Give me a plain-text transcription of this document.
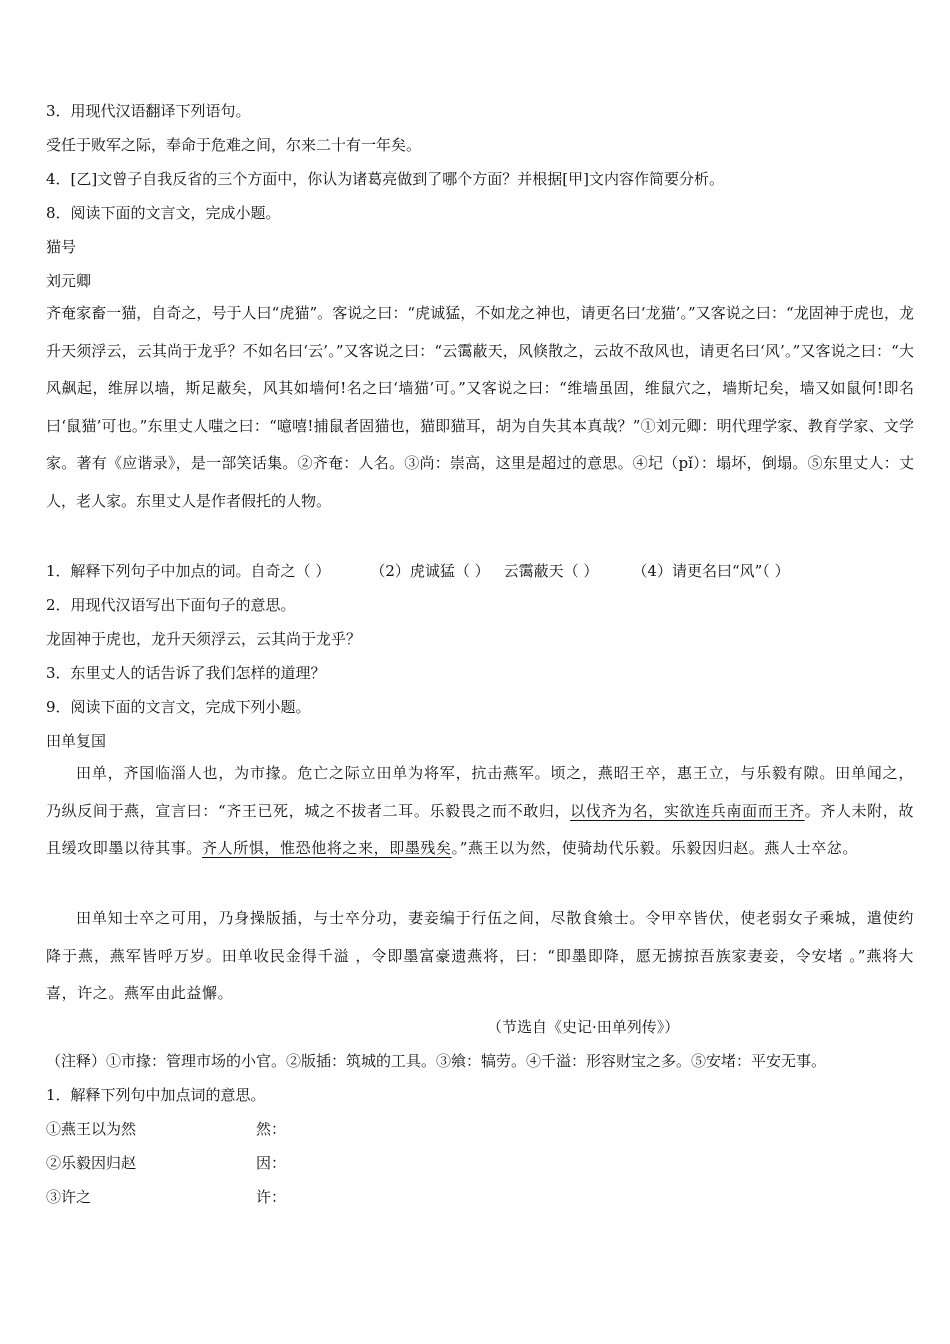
3．用现代汉语翻译下列语句。
受任于败军之际，奉命于危难之间，尔来二十有一年矣。
4．[乙]文曾子自我反省的三个方面中，你认为诸葛亮做到了哪个方面？并根据[甲]文内容作简要分析。
8．阅读下面的文言文，完成小题。
猫号
刘元卿
齐奄家畜一猫，自奇之，号于人曰“虎猫”。客说之曰：“虎诚猛，不如龙之神也，请更名曰‘龙猫’。”又客说之曰：“龙固神于虎也，龙升天须浮云，云其尚于龙乎？不如名曰‘云’。”又客说之曰：“云霭蔽天，风倏散之，云故不敌风也，请更名曰‘风’。”又客说之曰：“大风飙起，维屏以墙，斯足蔽矣，风其如墙何!名之曰‘墙猫’可。”又客说之曰：“维墙虽固，维鼠穴之，墙斯圮矣，墙又如鼠何!即名曰‘鼠猫’可也。”东里丈人嗤之曰：“噫嘻!捕鼠者固猫也，猫即猫耳，胡为自失其本真哉？”①刘元卿：明代理学家、教育学家、文学家。著有《应谐录》，是一部笑话集。②齐奄：人名。③尚：崇高，这里是超过的意思。④圮（pǐ）：塌坏，倒塌。⑤东里丈人：丈人，老人家。东里丈人是作者假托的人物。
1．解释下列句子中加点的词。自奇之（ ）	（2）虎诚猛（ ） 云霭蔽天（ ） （4）请更名曰“风”（ ）
2．用现代汉语写出下面句子的意思。
龙固神于虎也，龙升天须浮云，云其尚于龙乎？
3．东里丈人的话告诉了我们怎样的道理？
9．阅读下面的文言文，完成下列小题。
田单复国
田单，齐国临淄人也，为市掾。危亡之际立田单为将军，抗击燕军。顷之，燕昭王卒，惠王立，与乐毅有隙。田单闻之，乃纵反间于燕，宣言曰：“齐王已死，城之不拔者二耳。乐毅畏之而不敢归，以伐齐为名，实欲连兵南面而王齐。齐人未附，故且缓攻即墨以待其事。齐人所惧，惟恐他将之来，即墨残矣。”燕王以为然，使骑劫代乐毅。乐毅因归赵。燕人士卒忿。
田单知士卒之可用，乃身操版插，与士卒分功，妻妾编于行伍之间，尽散食飨士。令甲卒皆伏，使老弱女子乘城，遣使约降于燕，燕军皆呼万岁。田单收民金得千溢 ，令即墨富豪遗燕将，曰：“即墨即降，愿无掳掠吾族家妻妾，令安堵 。”燕将大喜，许之。燕军由此益懈。
（节选自《史记·田单列传》）
（注释）①市掾：管理市场的小官。②版插：筑城的工具。③飨：犒劳。④千溢：形容财宝之多。⑤安堵：平安无事。
1．解释下列句中加点词的意思。
①燕王以为然	然：
②乐毅因归赵	因：
③许之	许：
